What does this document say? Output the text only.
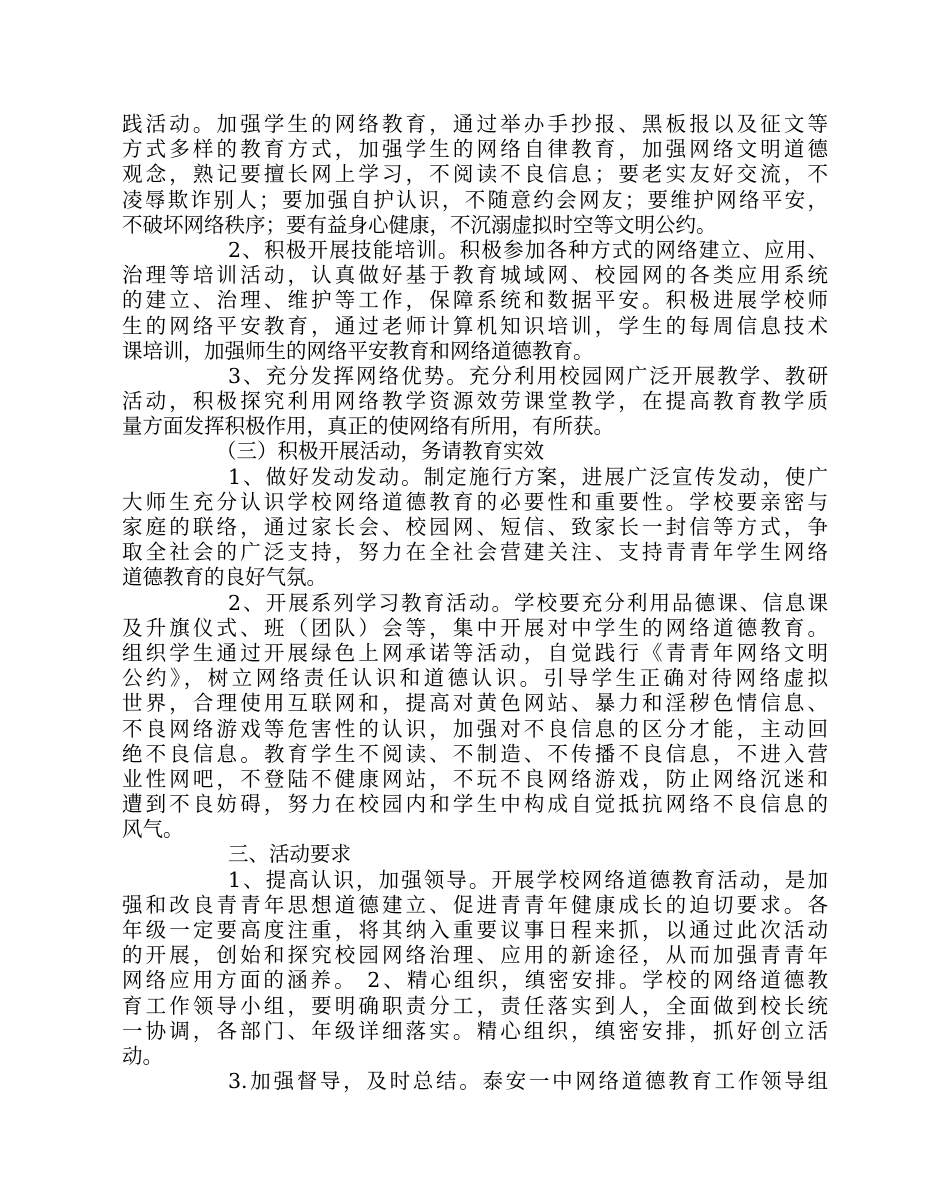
践活动。加强学生的网络教育，通过举办手抄报、黑板报以及征文等
方式多样的教育方式，加强学生的网络自律教育，加强网络文明道德
观念，熟记要擅长网上学习，不阅读不良信息；要老实友好交流，不
凌辱欺诈别人；要加强自护认识，不随意约会网友；要维护网络平安，
不破坏网络秩序；要有益身心健康，不沉溺虚拟时空等文明公约。
2、积极开展技能培训。积极参加各种方式的网络建立、应用、
治理等培训活动，认真做好基于教育城域网、校园网的各类应用系统
的建立、治理、维护等工作，保障系统和数据平安。积极进展学校师
生的网络平安教育，通过老师计算机知识培训，学生的每周信息技术
课培训，加强师生的网络平安教育和网络道德教育。
3、充分发挥网络优势。充分利用校园网广泛开展教学、教研
活动，积极探究利用网络教学资源效劳课堂教学，在提高教育教学质
量方面发挥积极作用，真正的使网络有所用，有所获。
（三）积极开展活动，务请教育实效
1、做好发动发动。制定施行方案，进展广泛宣传发动，使广
大师生充分认识学校网络道德教育的必要性和重要性。学校要亲密与
家庭的联络，通过家长会、校园网、短信、致家长一封信等方式，争
取全社会的广泛支持，努力在全社会营建关注、支持青青年学生网络
道德教育的良好气氛。
2、开展系列学习教育活动。学校要充分利用品德课、信息课
及升旗仪式、班（团队）会等，集中开展对中学生的网络道德教育。
组织学生通过开展绿色上网承诺等活动，自觉践行《青青年网络文明
公约》，树立网络责任认识和道德认识。引导学生正确对待网络虚拟
世界，合理使用互联网和，提高对黄色网站、暴力和淫秽色情信息、
不良网络游戏等危害性的认识，加强对不良信息的区分才能，主动回
绝不良信息。教育学生不阅读、不制造、不传播不良信息，不进入营
业性网吧，不登陆不健康网站，不玩不良网络游戏，防止网络沉迷和
遭到不良妨碍，努力在校园内和学生中构成自觉抵抗网络不良信息的
风气。
三、活动要求
1、提高认识，加强领导。开展学校网络道德教育活动，是加
强和改良青青年思想道德建立、促进青青年健康成长的迫切要求。各
年级一定要高度注重，将其纳入重要议事日程来抓，以通过此次活动
的开展，创始和探究校园网络治理、应用的新途径，从而加强青青年
网络应用方面的涵养。 2、精心组织，缜密安排。学校的网络道德教
育工作领导小组，要明确职责分工，责任落实到人，全面做到校长统
一协调，各部门、年级详细落实。精心组织，缜密安排，抓好创立活
动。
3.加强督导，及时总结。泰安一中网络道德教育工作领导组
